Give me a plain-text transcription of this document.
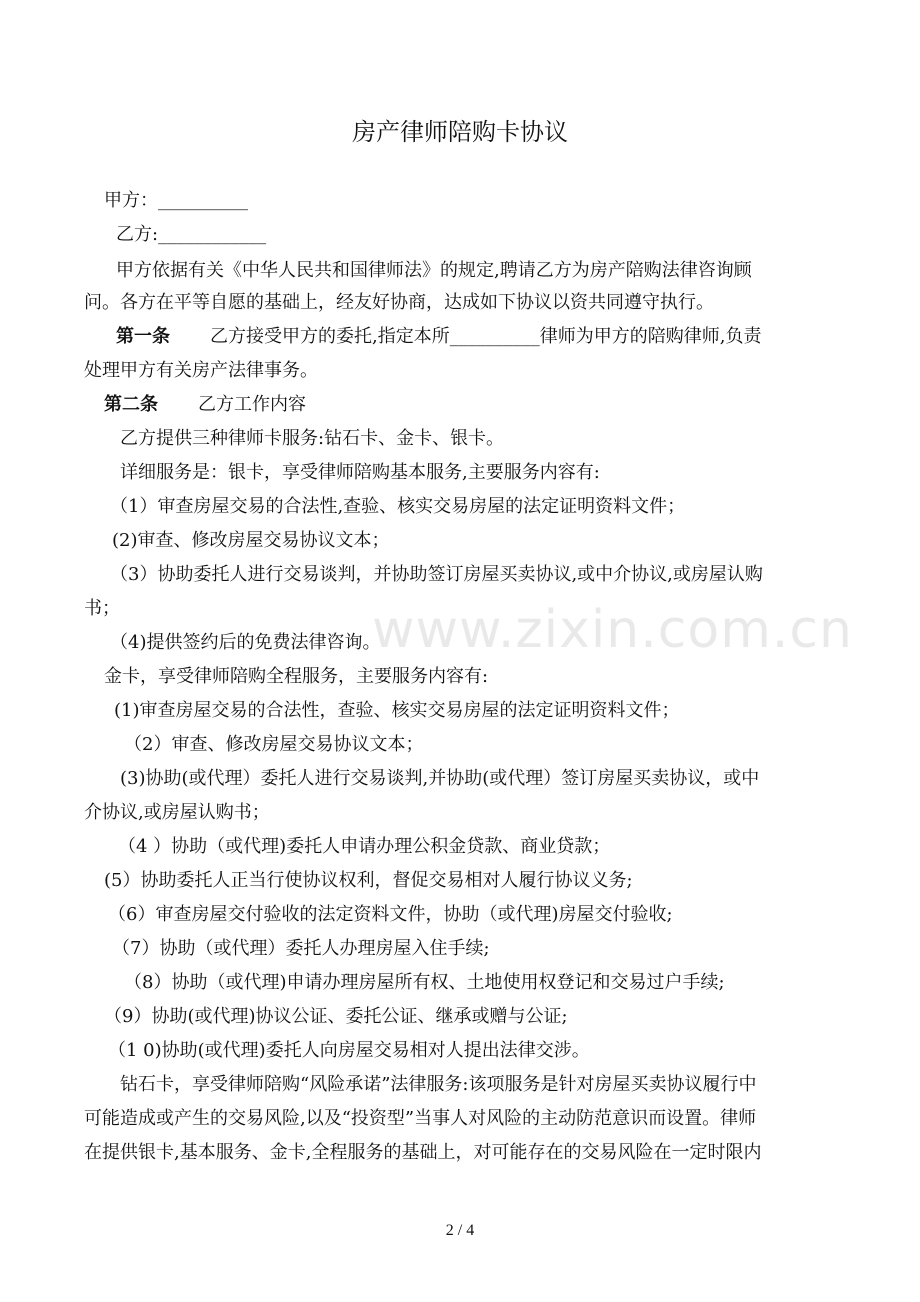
房产律师陪购卡协议
甲方：__________
乙方:____________
甲方依据有关《中华人民共和国律师法》的规定,聘请乙方为房产陪购法律咨询顾
问。各方在平等自愿的基础上，经友好协商，达成如下协议以资共同遵守执行。
第一条 乙方接受甲方的委托,指定本所__________律师为甲方的陪购律师,负责
处理甲方有关房产法律事务。
第二条 乙方工作内容
乙方提供三种律师卡服务:钻石卡、金卡、银卡。
详细服务是：银卡，享受律师陪购基本服务,主要服务内容有:
（1）审查房屋交易的合法性,查验、核实交易房屋的法定证明资料文件；
(2)审查、修改房屋交易协议文本；
（3）协助委托人进行交易谈判，并协助签订房屋买卖协议,或中介协议,或房屋认购
书；
（4)提供签约后的免费法律咨询。
金卡，享受律师陪购全程服务，主要服务内容有:
(1)审查房屋交易的合法性，查验、核实交易房屋的法定证明资料文件；
（2）审查、修改房屋交易协议文本；
(3)协助(或代理）委托人进行交易谈判,并协助(或代理）签订房屋买卖协议，或中
介协议,或房屋认购书；
（4 ）协助（或代理)委托人申请办理公积金贷款、商业贷款；
(5）协助委托人正当行使协议权利，督促交易相对人履行协议义务;
（6）审查房屋交付验收的法定资料文件，协助（或代理)房屋交付验收;
（7）协助（或代理）委托人办理房屋入住手续;
（8）协助（或代理)申请办理房屋所有权、土地使用权登记和交易过户手续;
（9）协助(或代理)协议公证、委托公证、继承或赠与公证;
（1 0)协助(或代理)委托人向房屋交易相对人提出法律交涉。
钻石卡，享受律师陪购“风险承诺”法律服务:该项服务是针对房屋买卖协议履行中
可能造成或产生的交易风险,以及“投资型”当事人对风险的主动防范意识而设置。律师
在提供银卡,基本服务、金卡,全程服务的基础上，对可能存在的交易风险在一定时限内
www.zixin.com.cn
2 / 4
